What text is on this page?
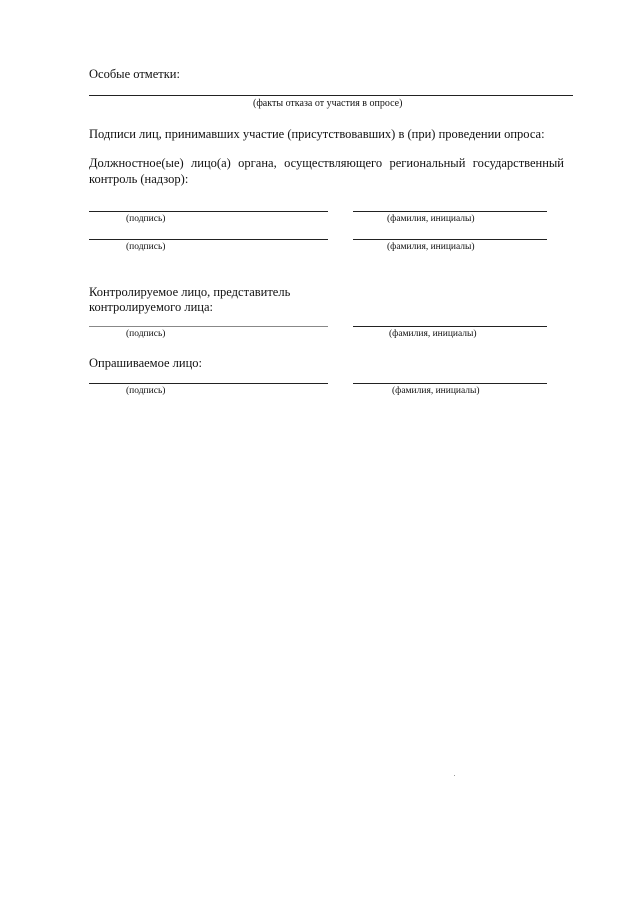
Особые отметки:
(факты отказа от участия в опросе)
Подписи лиц, принимавших участие (присутствовавших) в (при) проведении опроса:
Должностное(ые) лицо(а) органа, осуществляющего региональный государственный
контроль (надзор):
(подпись)	(фамилия, инициалы)
(подпись)	(фамилия, инициалы)
Контролируемое лицо, представитель
контролируемого лица:
(подпись)	(фамилия, инициалы)
Опрашиваемое лицо:
(подпись)	(фамилия, инициалы)
